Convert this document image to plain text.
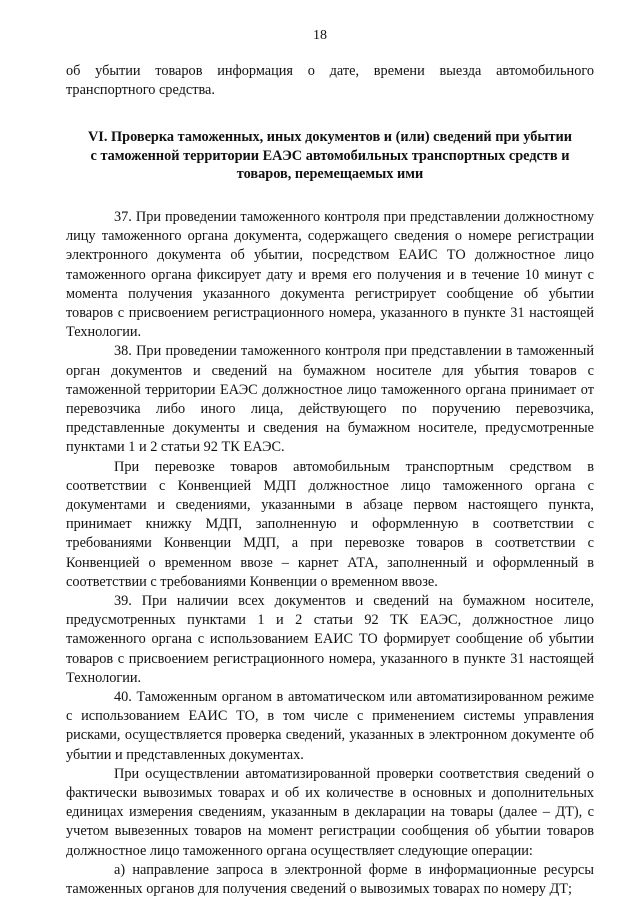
18

об убытии товаров информация о дате, времени выезда автомобильного транспортного средства.

VI. Проверка таможенных, иных документов и (или) сведений при убытии с таможенной территории ЕАЭС автомобильных транспортных средств и товаров, перемещаемых ими

37. При проведении таможенного контроля при представлении должностному лицу таможенного органа документа, содержащего сведения о номере регистрации электронного документа об убытии, посредством ЕАИС ТО должностное лицо таможенного органа фиксирует дату и время его получения и в течение 10 минут с момента получения указанного документа регистрирует сообщение об убытии товаров с присвоением регистрационного номера, указанного в пункте 31 настоящей Технологии.

38. При проведении таможенного контроля при представлении в таможенный орган документов и сведений на бумажном носителе для убытия товаров с таможенной территории ЕАЭС должностное лицо таможенного органа принимает от перевозчика либо иного лица, действующего по поручению перевозчика, представленные документы и сведения на бумажном носителе, предусмотренные пунктами 1 и 2 статьи 92 ТК ЕАЭС.

При перевозке товаров автомобильным транспортным средством в соответствии с Конвенцией МДП должностное лицо таможенного органа с документами и сведениями, указанными в абзаце первом настоящего пункта, принимает книжку МДП, заполненную и оформленную в соответствии с требованиями Конвенции МДП, а при перевозке товаров в соответствии с Конвенцией о временном ввозе – карнет АТА, заполненный и оформленный в соответствии с требованиями Конвенции о временном ввозе.

39. При наличии всех документов и сведений на бумажном носителе, предусмотренных пунктами 1 и 2 статьи 92 ТК ЕАЭС, должностное лицо таможенного органа с использованием ЕАИС ТО формирует сообщение об убытии товаров с присвоением регистрационного номера, указанного в пункте 31 настоящей Технологии.

40. Таможенным органом в автоматическом или автоматизированном режиме с использованием ЕАИС ТО, в том числе с применением системы управления рисками, осуществляется проверка сведений, указанных в электронном документе об убытии и представленных документах.

При осуществлении автоматизированной проверки соответствия сведений о фактически вывозимых товарах и об их количестве в основных и дополнительных единицах измерения сведениям, указанным в декларации на товары (далее – ДТ), с учетом вывезенных товаров на момент регистрации сообщения об убытии товаров должностное лицо таможенного органа осуществляет следующие операции:

а) направление запроса в электронной форме в информационные ресурсы таможенных органов для получения сведений о вывозимых товарах по номеру ДТ;
